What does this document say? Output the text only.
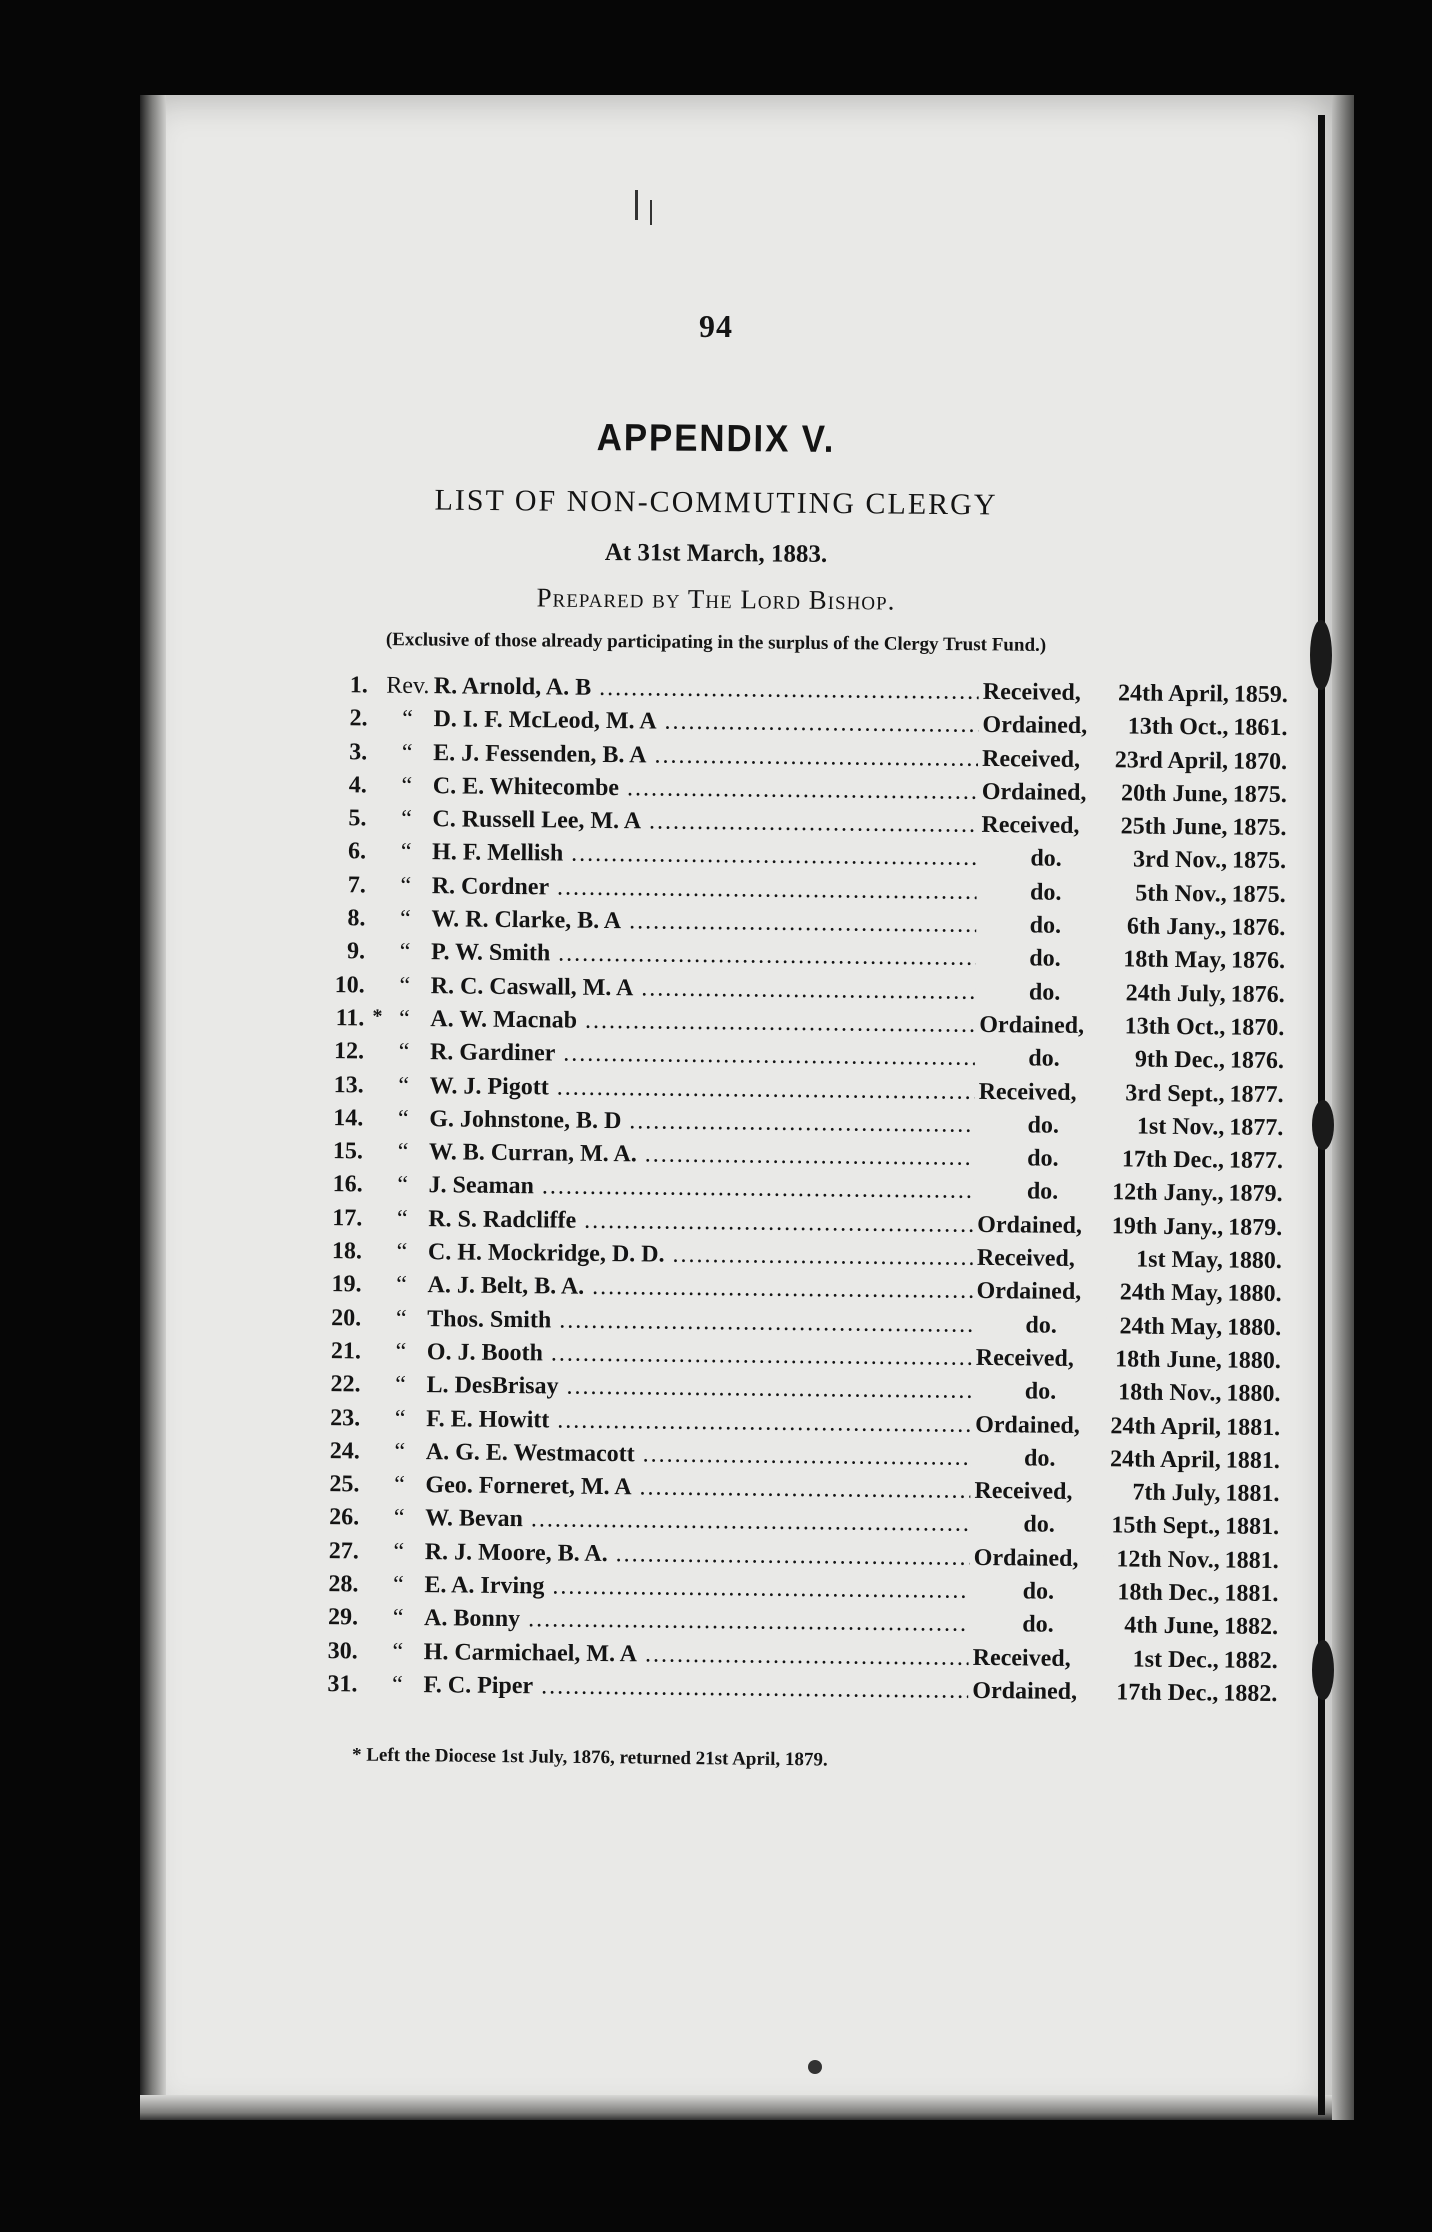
94
APPENDIX V.
LIST OF NON-COMMUTING CLERGY
At 31st March, 1883.
Prepared by The Lord Bishop.
(Exclusive of those already participating in the surplus of the Clergy Trust Fund.)
1. Rev. R. Arnold, A. B .....	Received,	24th April, 1859.
2.	“ D. I. F. McLeod, M. A .....	Ordained,	13th Oct., 1861.
3.	“ E. J. Fessenden, B. A .....	Received,	23rd April, 1870.
4.	“ C. E. Whitecombe .....	Ordained,	20th June, 1875.
5.	“ C. Russell Lee, M. A .....	Received,	25th June, 1875.
6.	“ H. F. Mellish .....	do.	3rd Nov., 1875.
7.	“ R. Cordner .....	do.	5th Nov., 1875.
8.	“ W. R. Clarke, B. A .....	do.	6th Jany., 1876.
9.	“ P. W. Smith .....	do.	18th May, 1876.
10.	“ R. C. Caswall, M. A .....	do.	24th July, 1876.
11. * “ A. W. Macnab .....	Ordained,	13th Oct., 1870.
12.	“ R. Gardiner .....	do.	9th Dec., 1876.
13.	“ W. J. Pigott .....	Received,	3rd Sept., 1877.
14.	“ G. Johnstone, B. D .....	do.	1st Nov., 1877.
15.	“ W. B. Curran, M. A. .....	do.	17th Dec., 1877.
16.	“ J. Seaman .....	do.	12th Jany., 1879.
17.	“ R. S. Radcliffe .....	Ordained,	19th Jany., 1879.
18.	“ C. H. Mockridge, D. D. .....	Received,	1st May, 1880.
19.	“ A. J. Belt, B. A. .....	Ordained,	24th May, 1880.
20.	“ Thos. Smith .....	do.	24th May, 1880.
21.	“ O. J. Booth .....	Received,	18th June, 1880.
22.	“ L. DesBrisay .....	do.	18th Nov., 1880.
23.	“ F. E. Howitt .....	Ordained,	24th April, 1881.
24.	“ A. G. E. Westmacott .....	do.	24th April, 1881.
25.	“ Geo. Forneret, M. A .....	Received,	7th July, 1881.
26.	“ W. Bevan .....	do.	15th Sept., 1881.
27.	“ R. J. Moore, B. A. .....	Ordained,	12th Nov., 1881.
28.	“ E. A. Irving .....	do.	18th Dec., 1881.
29.	“ A. Bonny .....	do.	4th June, 1882.
30.	“ H. Carmichael, M. A .....	Received,	1st Dec., 1882.
31.	“ F. C. Piper .....	Ordained,	17th Dec., 1882.
* Left the Diocese 1st July, 1876, returned 21st April, 1879.
